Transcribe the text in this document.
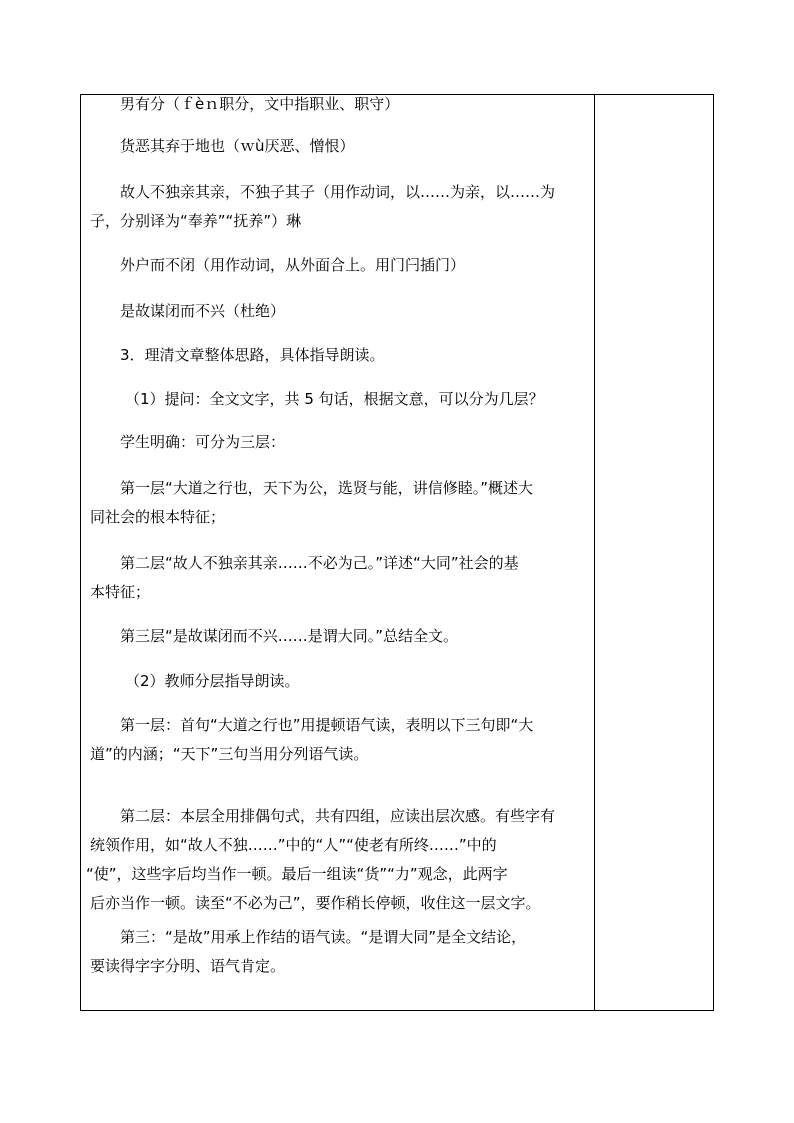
男有分（ｆèｎ职分，文中指职业、职守）
货恶其弃于地也（ｗù厌恶、憎恨）
故人不独亲其亲，不独子其子（用作动词，以……为亲，以……为
子，分别译为“奉养”“抚养”）琳
外户而不闭（用作动词，从外面合上。用门闩插门）
是故谋闭而不兴（杜绝）
3．理清文章整体思路，具体指导朗读。
（1）提问：全文文字，共 5 句话，根据文意，可以分为几层？
学生明确：可分为三层：
第一层“大道之行也，天下为公，选贤与能，讲信修睦。”概述大
同社会的根本特征；
第二层“故人不独亲其亲……不必为己。”详述“大同”社会的基
本特征；
第三层“是故谋闭而不兴……是谓大同。”总结全文。
（2）教师分层指导朗读。
第一层：首句“大道之行也”用提顿语气读，表明以下三句即“大
道”的内涵；“天下”三句当用分列语气读。
第二层：本层全用排偶句式，共有四组，应读出层次感。有些字有
统领作用，如“故人不独……”中的“人”“使老有所终……”中的
“使”，这些字后均当作一顿。最后一组读“货”“力”观念，此两字
后亦当作一顿。读至“不必为己”，要作稍长停顿，收住这一层文字。
第三：“是故”用承上作结的语气读。“是谓大同”是全文结论，
要读得字字分明、语气肯定。
